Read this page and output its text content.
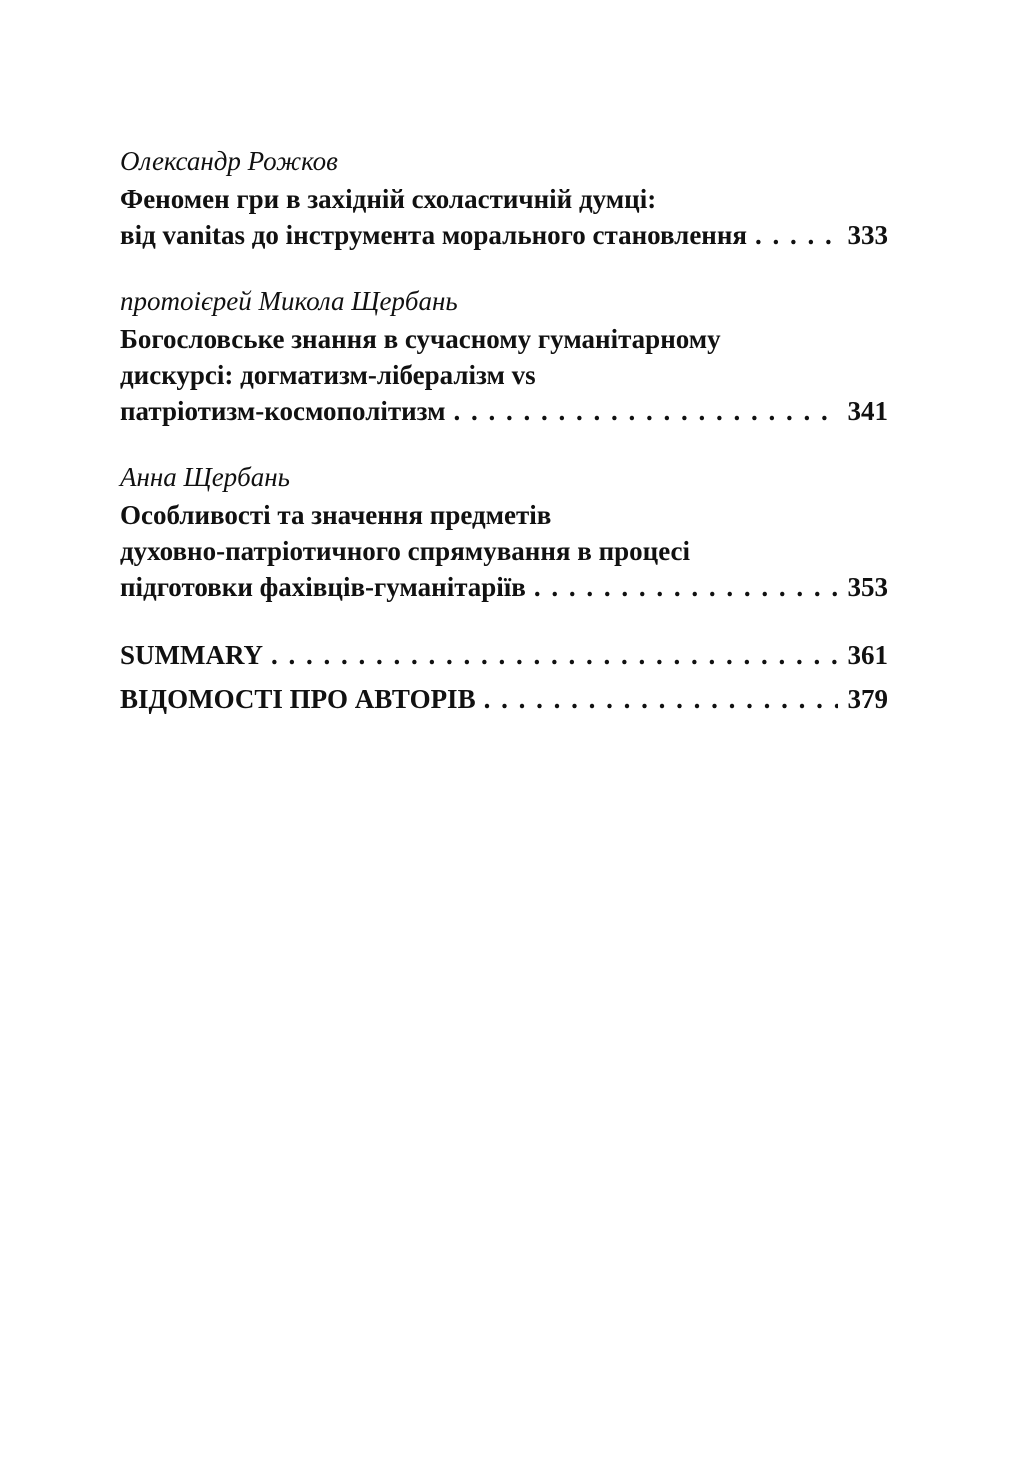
Олександр Рожков
Феномен гри в західній схоластичній думці:
від vanitas до інструмента морального становлення . . .	333
протоієрей Микола Щербань
Богословське знання в сучасному гуманітарному
дискурсі: догматизм-лібералізм vs
патріотизм-космополітизм . . .	341
Анна Щербань
Особливості та значення предметів
духовно-патріотичного спрямування в процесі
підготовки фахівців-гуманітаріїв . . .	353
SUMMARY . . .	361
ВІДОМОСТІ ПРО АВТОРІВ . . .	379
